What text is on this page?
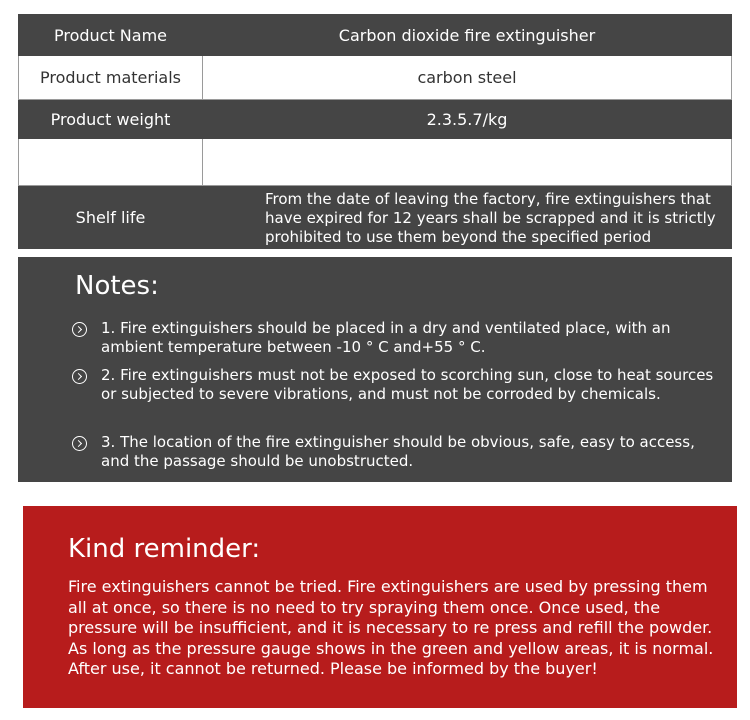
Product Name	Carbon dioxide fire extinguisher
Product materials	carbon steel
Product weight	2.3.5.7/kg

Shelf life	From the date of leaving the factory, fire extinguishers that have expired for 12 years shall be scrapped and it is strictly prohibited to use them beyond the specified period
Notes:
1. Fire extinguishers should be placed in a dry and ventilated place, with an ambient temperature between -10 ° C and+55 ° C.
2. Fire extinguishers must not be exposed to scorching sun, close to heat sources or subjected to severe vibrations, and must not be corroded by chemicals.
3. The location of the fire extinguisher should be obvious, safe, easy to access, and the passage should be unobstructed.
Kind reminder:
Fire extinguishers cannot be tried. Fire extinguishers are used by pressing them all at once, so there is no need to try spraying them once. Once used, the pressure will be insufficient, and it is necessary to re press and refill the powder. As long as the pressure gauge shows in the green and yellow areas, it is normal. After use, it cannot be returned. Please be informed by the buyer!
